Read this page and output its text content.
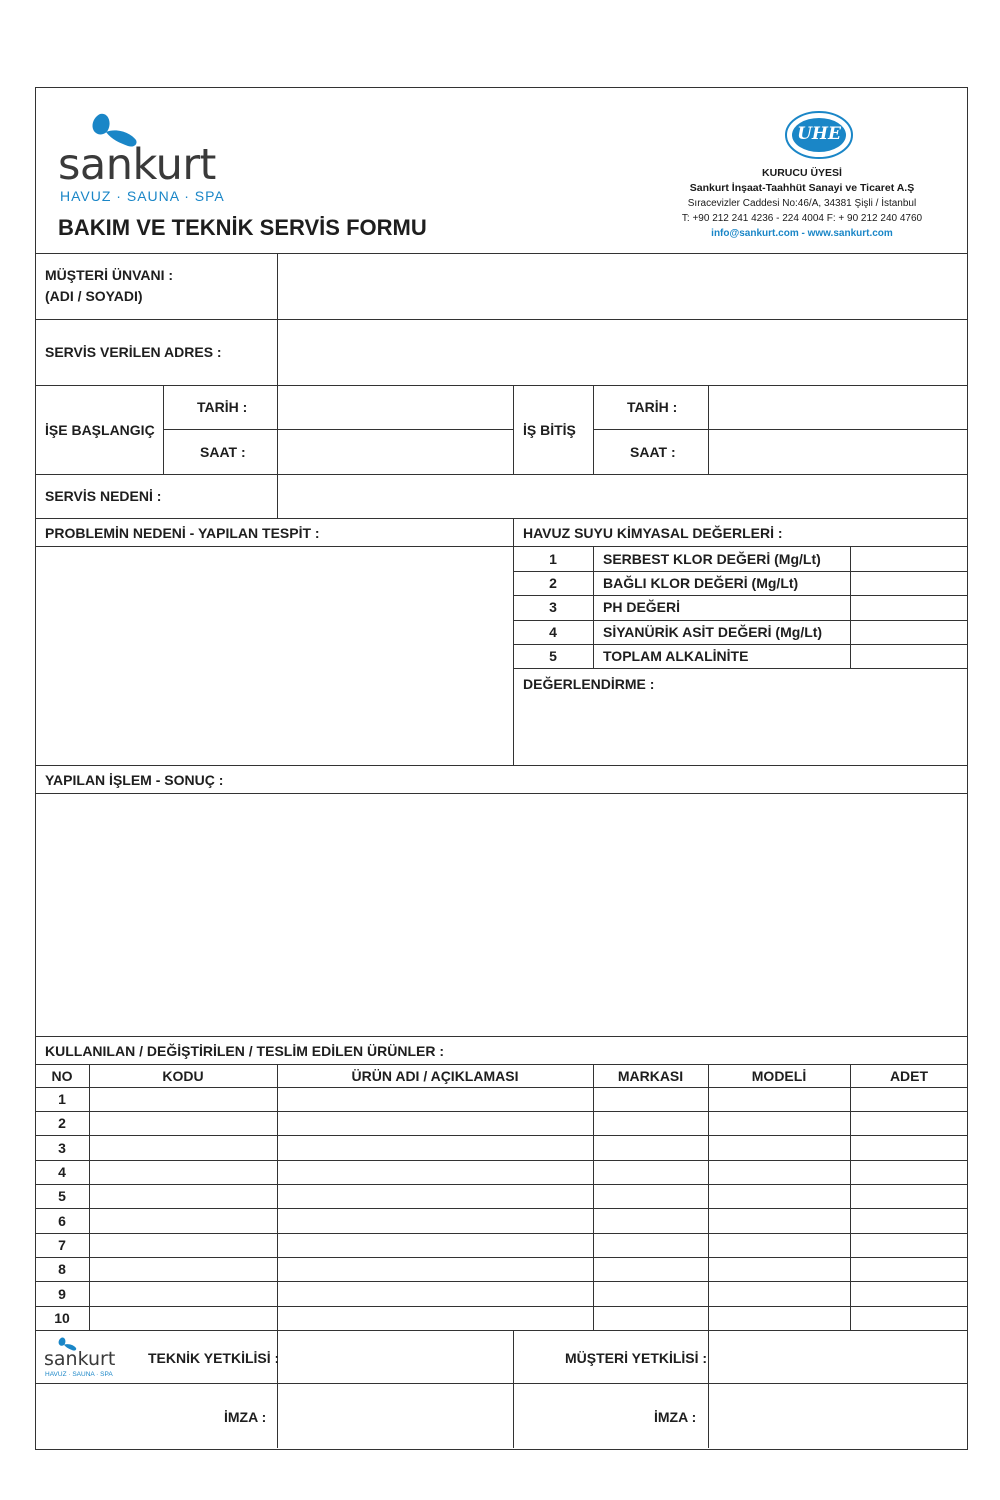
sankurt
HAVUZ · SAUNA · SPA
BAKIM VE TEKNİK SERVİS FORMU
UHE
KURUCU ÜYESİ
Sankurt İnşaat-Taahhüt Sanayi ve Ticaret A.Ş
Sıracevizler Caddesi No:46/A, 34381 Şişli / İstanbul
T: +90 212 241 4236 - 224 4004 F: + 90 212 240 4760
info@sankurt.com - www.sankurt.com
MÜŞTERİ ÜNVANI :
(ADI / SOYADI)
SERVİS VERİLEN ADRES :
İŞE BAŞLANGIÇ
TARİH :
SAAT :
İŞ BİTİŞ
TARİH :
SAAT :
SERVİS NEDENİ :
PROBLEMİN NEDENİ - YAPILAN TESPİT :	HAVUZ SUYU KİMYASAL DEĞERLERİ :
1	SERBEST KLOR DEĞERİ (Mg/Lt)
2	BAĞLI KLOR DEĞERİ (Mg/Lt)
3	PH DEĞERİ
4	SİYANÜRİK ASİT DEĞERİ (Mg/Lt)
5	TOPLAM ALKALİNİTE
DEĞERLENDİRME :
YAPILAN İŞLEM - SONUÇ :
KULLANILAN / DEĞİŞTİRİLEN / TESLİM EDİLEN ÜRÜNLER :
NO	KODU	ÜRÜN ADI / AÇIKLAMASI	MARKASI	MODELİ	ADET
1
2
3
4
5
6
7
8
9
10
sankurt
HAVUZ · SAUNA · SPA
TEKNİK YETKİLİSİ :	MÜŞTERİ YETKİLİSİ :
İMZA :	İMZA :
